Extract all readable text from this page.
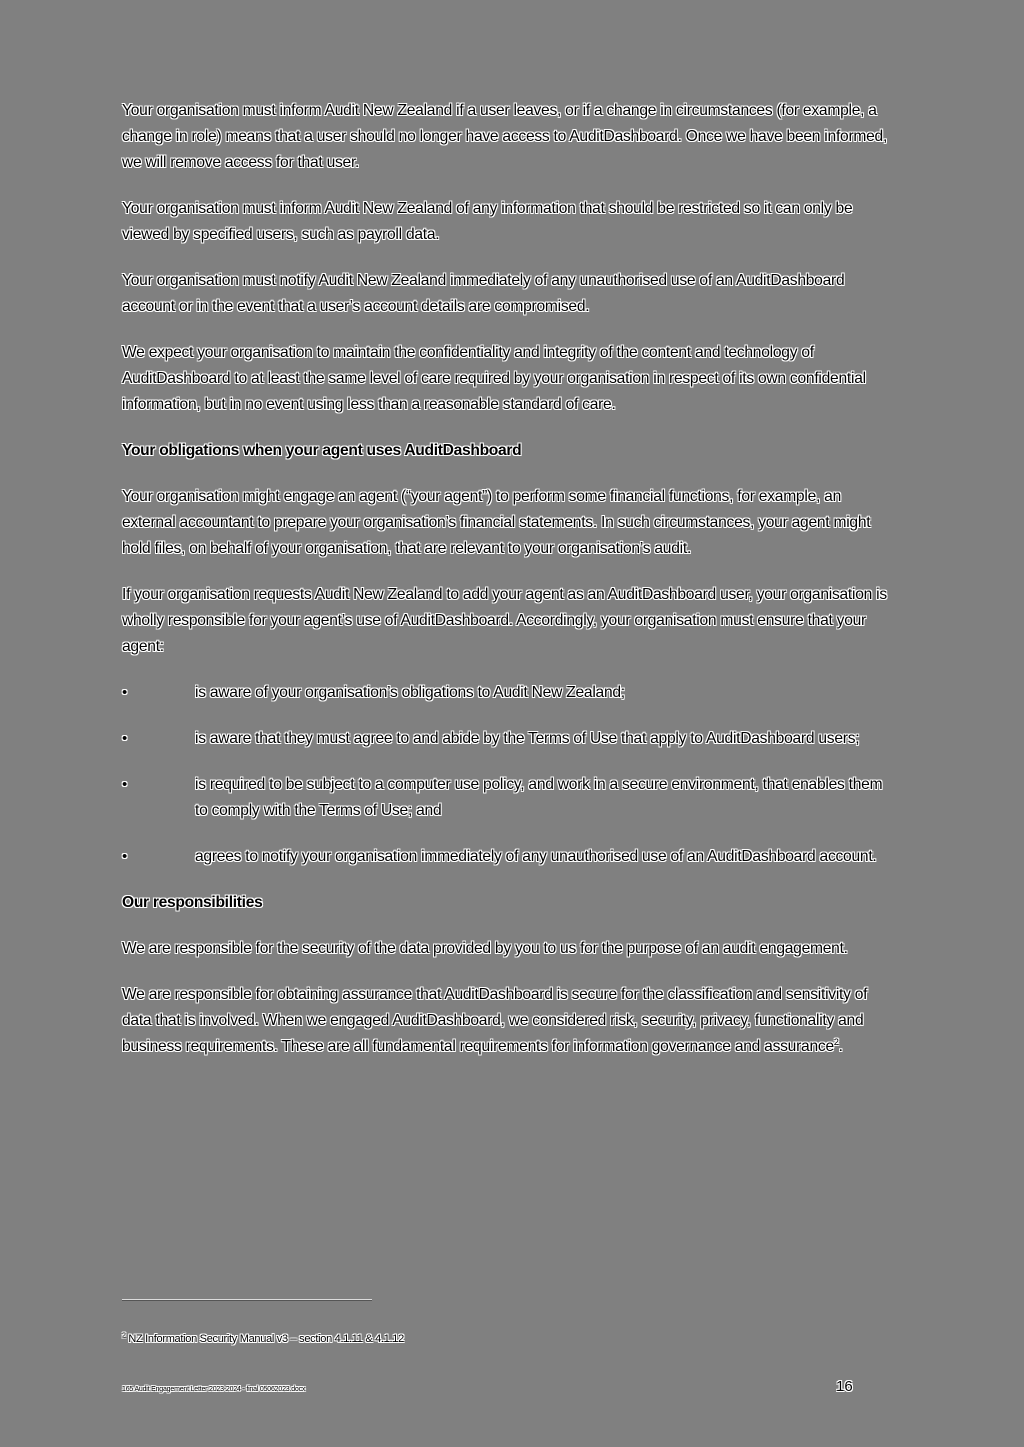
Your organisation must inform Audit New Zealand if a user leaves, or if a change in circumstances (for example, a change in role) means that a user should no longer have access to AuditDashboard. Once we have been informed, we will remove access for that user.

Your organisation must inform Audit New Zealand of any information that should be restricted so it can only be viewed by specified users, such as payroll data.

Your organisation must notify Audit New Zealand immediately of any unauthorised use of an AuditDashboard account or in the event that a user’s account details are compromised.

We expect your organisation to maintain the confidentiality and integrity of the content and technology of AuditDashboard to at least the same level of care required by your organisation in respect of its own confidential information, but in no event using less than a reasonable standard of care.

Your obligations when your agent uses AuditDashboard

Your organisation might engage an agent (“your agent”) to perform some financial functions, for example, an external accountant to prepare your organisation’s financial statements. In such circumstances, your agent might hold files, on behalf of your organisation, that are relevant to your organisation’s audit.

If your organisation requests Audit New Zealand to add your agent as an AuditDashboard user, your organisation is wholly responsible for your agent’s use of AuditDashboard. Accordingly, your organisation must ensure that your agent:

•	is aware of your organisation’s obligations to Audit New Zealand;
•	is aware that they must agree to and abide by the Terms of Use that apply to AuditDashboard users;
•	is required to be subject to a computer use policy, and work in a secure environment, that enables them to comply with the Terms of Use; and
•	agrees to notify your organisation immediately of any unauthorised use of an AuditDashboard account.
Our responsibilities

We are responsible for the security of the data provided by you to us for the purpose of an audit engagement.

We are responsible for obtaining assurance that AuditDashboard is secure for the classification and sensitivity of data that is involved. When we engaged AuditDashboard, we considered risk, security, privacy, functionality and business requirements. These are all fundamental requirements for information governance and assurance$^2$.

$^2$ NZ Information Security Manual v3 – section 4.1.11 & 4.1.12
165 Audit Engagement Letter 2023-2024 - final 05062023.docx	16
